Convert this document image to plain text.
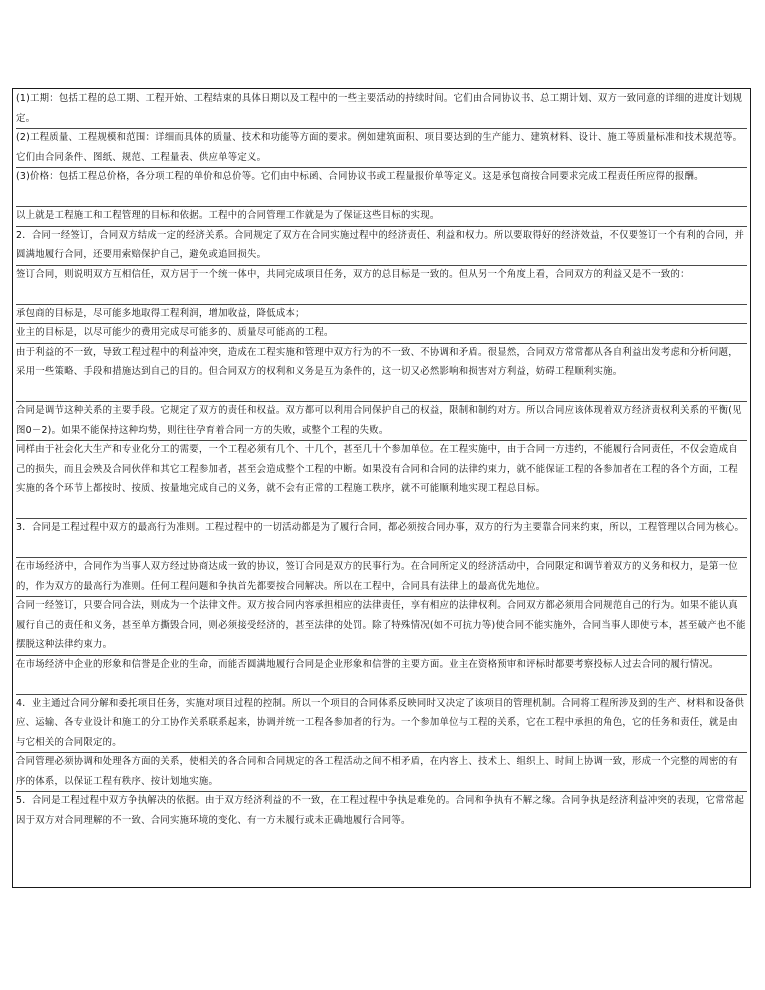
(1)工期：包括工程的总工期、工程开始、工程结束的具体日期以及工程中的一些主要活动的持续时间。它们由合同协议书、总工期计划、双方一致同意的详细的进度计划规定。

(2)工程质量、工程规模和范围：详细而具体的质量、技术和功能等方面的要求。例如建筑面积、项目要达到的生产能力、建筑材料、设计、施工等质量标准和技术规范等。它们由合同条件、图纸、规范、工程量表、供应单等定义。

(3)价格：包括工程总价格，各分项工程的单价和总价等。它们由中标函、合同协议书或工程量报价单等定义。这是承包商按合同要求完成工程责任所应得的报酬。

以上就是工程施工和工程管理的目标和依据。工程中的合同管理工作就是为了保证这些目标的实现。

2．合同一经签订，合同双方结成一定的经济关系。合同规定了双方在合同实施过程中的经济责任、利益和权力。所以要取得好的经济效益，不仅要签订一个有利的合同，并圆满地履行合同，还要用索赔保护自己，避免或追回损失。

签订合同，则说明双方互相信任，双方居于一个统一体中，共同完成项目任务，双方的总目标是一致的。但从另一个角度上看，合同双方的利益又是不一致的：

承包商的目标是，尽可能多地取得工程利润，增加收益，降低成本；

业主的目标是，以尽可能少的费用完成尽可能多的、质量尽可能高的工程。

由于利益的不一致，导致工程过程中的利益冲突，造成在工程实施和管理中双方行为的不一致、不协调和矛盾。很显然，合同双方常常都从各自利益出发考虑和分析问题，采用一些策略、手段和措施达到自己的目的。但合同双方的权利和义务是互为条件的，这一切又必然影响和损害对方利益，妨碍工程顺利实施。

合同是调节这种关系的主要手段。它规定了双方的责任和权益。双方都可以利用合同保护自己的权益，限制和制约对方。所以合同应该体现着双方经济责权利关系的平衡(见图0－2)。如果不能保持这种均势，则往往孕育着合同一方的失败，或整个工程的失败。

同样由于社会化大生产和专业化分工的需要，一个工程必须有几个、十几个，甚至几十个参加单位。在工程实施中，由于合同一方违约，不能履行合同责任，不仅会造成自己的损失，而且会殃及合同伙伴和其它工程参加者，甚至会造成整个工程的中断。如果没有合同和合同的法律约束力，就不能保证工程的各参加者在工程的各个方面，工程实施的各个环节上都按时、按质、按量地完成自己的义务，就不会有正常的工程施工秩序，就不可能顺利地实现工程总目标。

3．合同是工程过程中双方的最高行为准则。工程过程中的一切活动都是为了履行合同，都必须按合同办事，双方的行为主要靠合同来约束，所以，工程管理以合同为核心。

在市场经济中，合同作为当事人双方经过协商达成一致的协议，签订合同是双方的民事行为。在合同所定义的经济活动中，合同限定和调节着双方的义务和权力，是第一位的，作为双方的最高行为准则。任何工程问题和争执首先都要按合同解决。所以在工程中，合同具有法律上的最高优先地位。

合同一经签订，只要合同合法，则成为一个法律文件。双方按合同内容承担相应的法律责任，享有相应的法律权利。合同双方都必须用合同规范自己的行为。如果不能认真履行自己的责任和义务，甚至单方撕毁合同，则必须接受经济的，甚至法律的处罚。除了特殊情况(如不可抗力等)使合同不能实施外，合同当事人即使亏本，甚至破产也不能摆脱这种法律约束力。

在市场经济中企业的形象和信誉是企业的生命，而能否圆满地履行合同是企业形象和信誉的主要方面。业主在资格预审和评标时都要考察投标人过去合同的履行情况。

4．业主通过合同分解和委托项目任务，实施对项目过程的控制。所以一个项目的合同体系反映同时又决定了该项目的管理机制。合同将工程所涉及到的生产、材料和设备供应、运输、各专业设计和施工的分工协作关系联系起来，协调并统一工程各参加者的行为。一个参加单位与工程的关系，它在工程中承担的角色，它的任务和责任，就是由与它相关的合同限定的。

合同管理必须协调和处理各方面的关系，使相关的各合同和合同规定的各工程活动之间不相矛盾，在内容上、技术上、组织上、时间上协调一致，形成一个完整的周密的有序的体系，以保证工程有秩序、按计划地实施。

5．合同是工程过程中双方争执解决的依据。由于双方经济利益的不一致，在工程过程中争执是难免的。合同和争执有不解之缘。合同争执是经济利益冲突的表现，它常常起因于双方对合同理解的不一致、合同实施环境的变化、有一方未履行或未正确地履行合同等。
